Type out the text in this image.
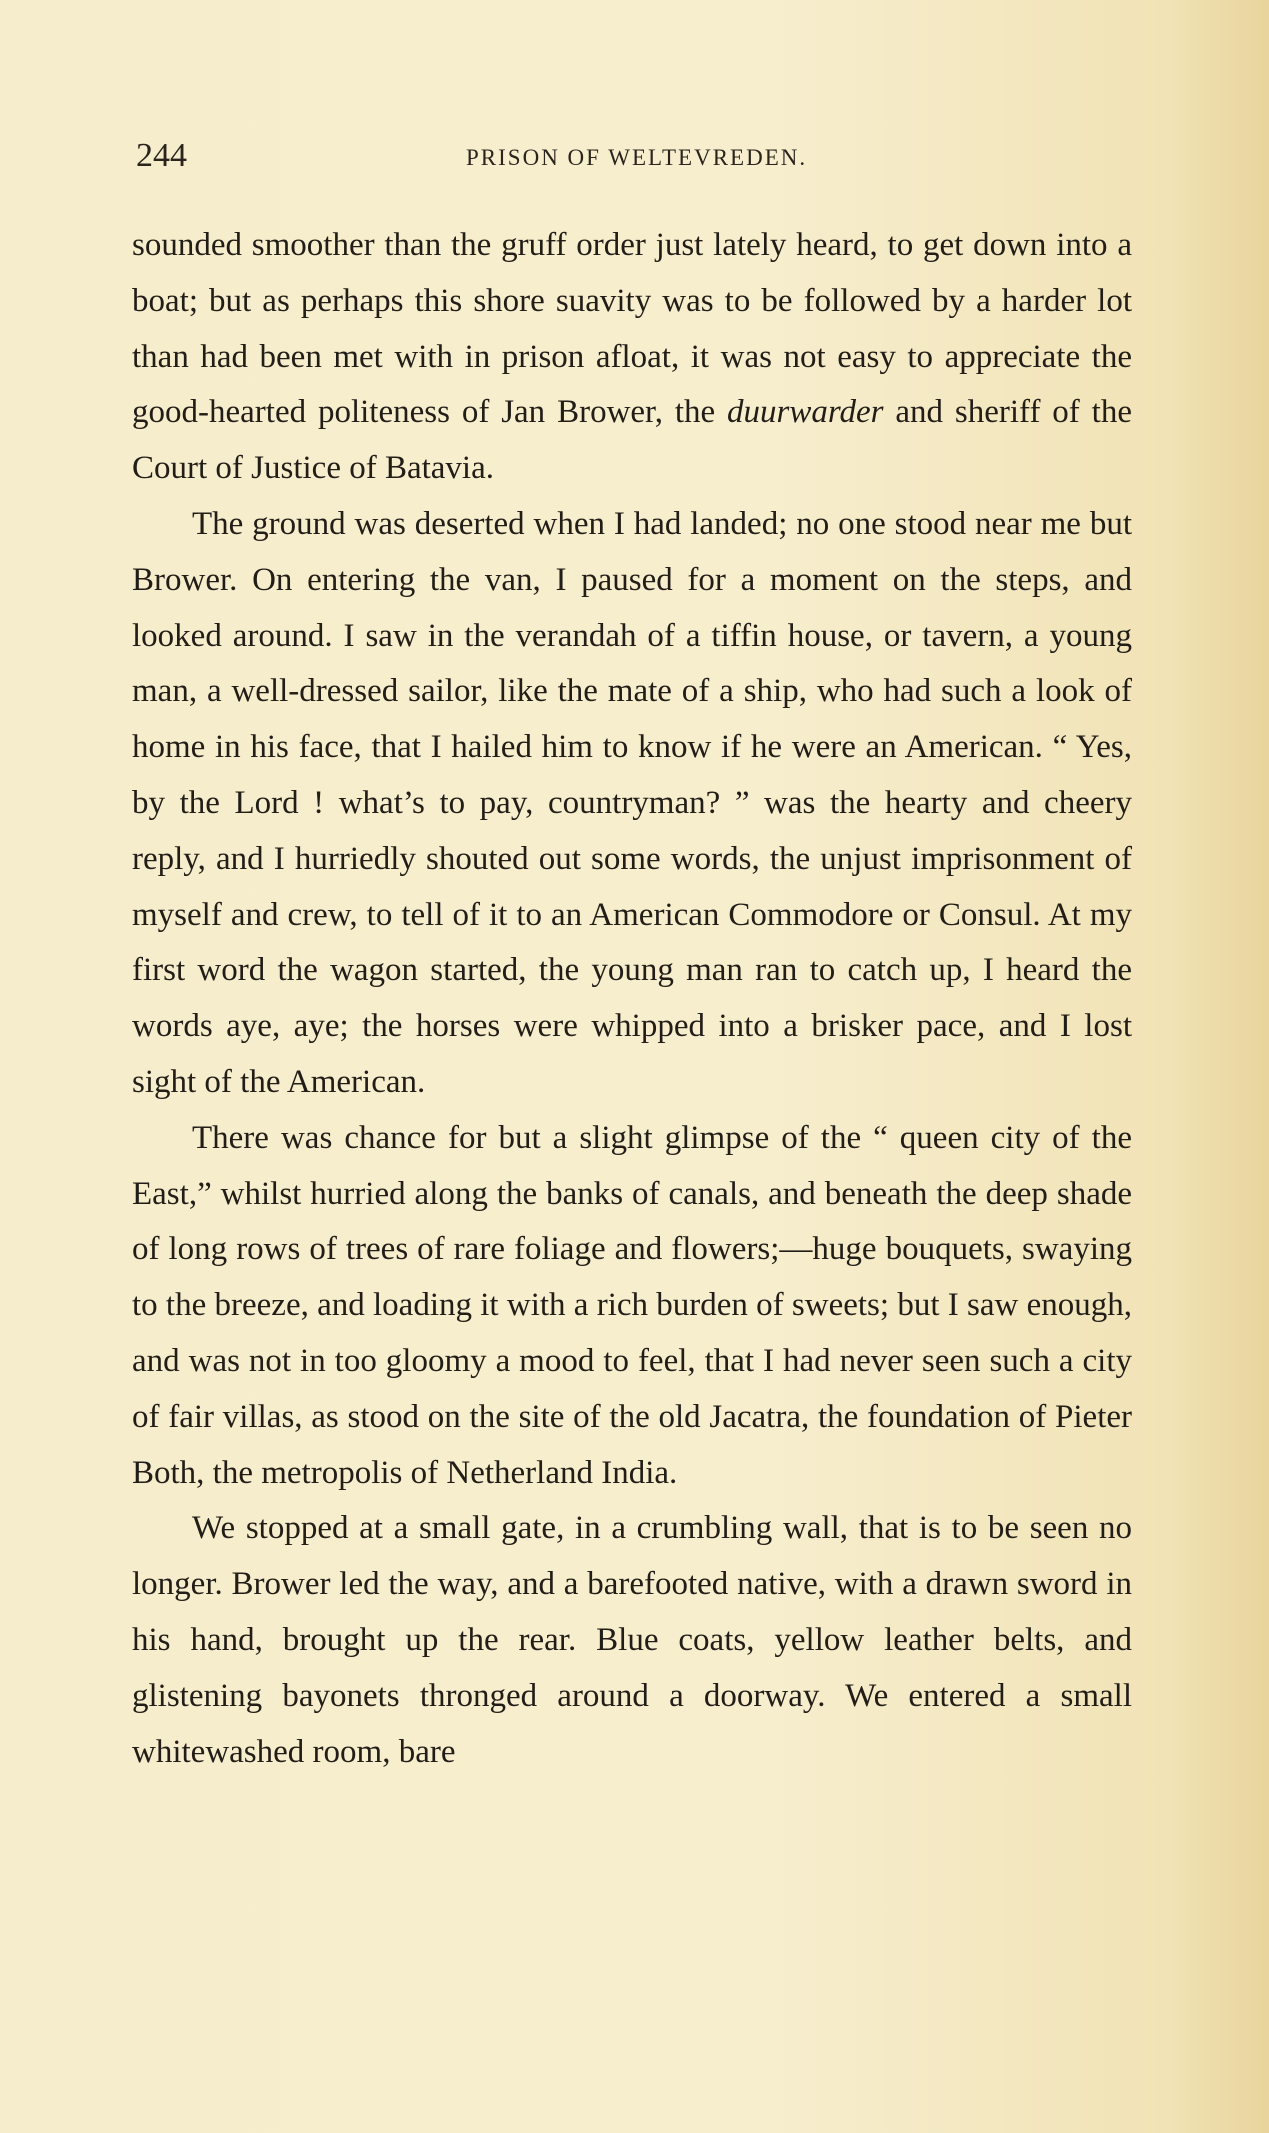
244	PRISON OF WELTEVREDEN.

sounded smoother than the gruff order just lately heard, to get down into a boat; but as perhaps this shore suavity was to be followed by a harder lot than had been met with in prison afloat, it was not easy to appreciate the good-hearted politeness of Jan Brower, the duurwarder and sheriff of the Court of Justice of Batavia.

The ground was deserted when I had landed; no one stood near me but Brower. On entering the van, I paused for a moment on the steps, and looked around. I saw in the verandah of a tiffin house, or tavern, a young man, a well-dressed sailor, like the mate of a ship, who had such a look of home in his face, that I hailed him to know if he were an American. “ Yes, by the Lord ! what’s to pay, countryman? ” was the hearty and cheery reply, and I hurriedly shouted out some words, the unjust imprisonment of myself and crew, to tell of it to an American Commodore or Consul. At my first word the wagon started, the young man ran to catch up, I heard the words aye, aye; the horses were whipped into a brisker pace, and I lost sight of the American.

There was chance for but a slight glimpse of the “ queen city of the East,” whilst hurried along the banks of canals, and beneath the deep shade of long rows of trees of rare foliage and flowers;—huge bouquets, swaying to the breeze, and loading it with a rich burden of sweets; but I saw enough, and was not in too gloomy a mood to feel, that I had never seen such a city of fair villas, as stood on the site of the old Jacatra, the foundation of Pieter Both, the metropolis of Netherland India.

We stopped at a small gate, in a crumbling wall, that is to be seen no longer. Brower led the way, and a barefooted native, with a drawn sword in his hand, brought up the rear. Blue coats, yellow leather belts, and glistening bayonets thronged around a doorway. We entered a small whitewashed room, bare
